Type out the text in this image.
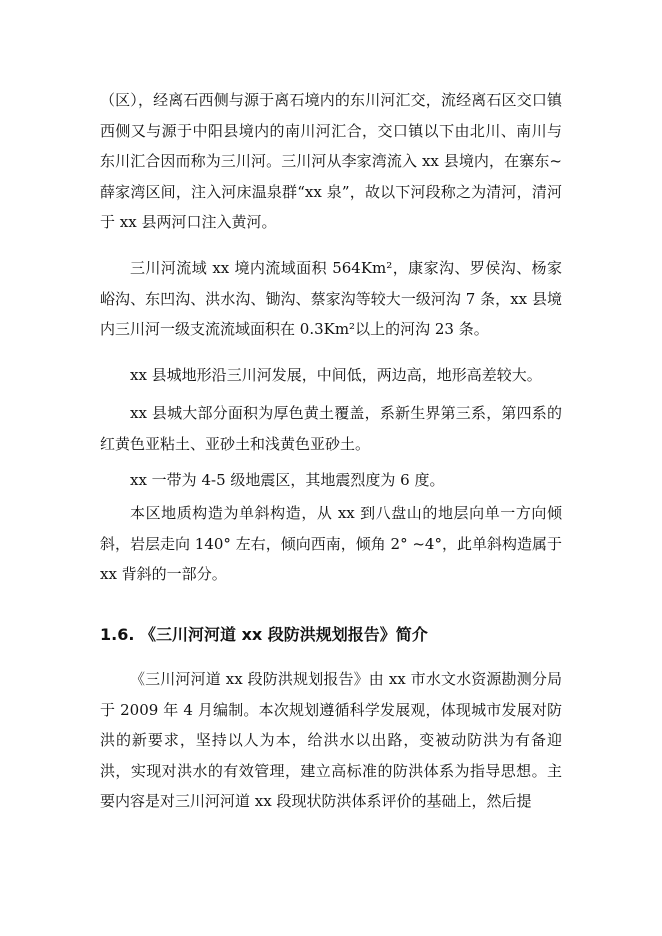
（区），经离石西侧与源于离石境内的东川河汇交，流经离石区交口镇西侧又与源于中阳县境内的南川河汇合，交口镇以下由北川、南川与东川汇合因而称为三川河。三川河从李家湾流入 xx 县境内，在寨东~薛家湾区间，注入河床温泉群“xx 泉”，故以下河段称之为清河，清河于 xx 县两河口注入黄河。

三川河流域 xx 境内流域面积 564Km²，康家沟、罗侯沟、杨家峪沟、东凹沟、洪水沟、锄沟、蔡家沟等较大一级河沟 7 条，xx 县境内三川河一级支流流域面积在 0.3Km²以上的河沟 23 条。

xx 县城地形沿三川河发展，中间低，两边高，地形高差较大。

xx 县城大部分面积为厚色黄土覆盖，系新生界第三系，第四系的红黄色亚粘土、亚砂土和浅黄色亚砂土。

xx 一带为 4-5 级地震区，其地震烈度为 6 度。

本区地质构造为单斜构造，从 xx 到八盘山的地层向单一方向倾斜，岩层走向 140° 左右，倾向西南，倾角 2° ~4°，此单斜构造属于 xx 背斜的一部分。

1.6. 《三川河河道 xx 段防洪规划报告》简介

《三川河河道 xx 段防洪规划报告》由 xx 市水文水资源勘测分局于 2009 年 4 月编制。本次规划遵循科学发展观，体现城市发展对防洪的新要求，坚持以人为本，给洪水以出路，变被动防洪为有备迎洪，实现对洪水的有效管理，建立高标准的防洪体系为指导思想。主要内容是对三川河河道 xx 段现状防洪体系评价的基础上，然后提
